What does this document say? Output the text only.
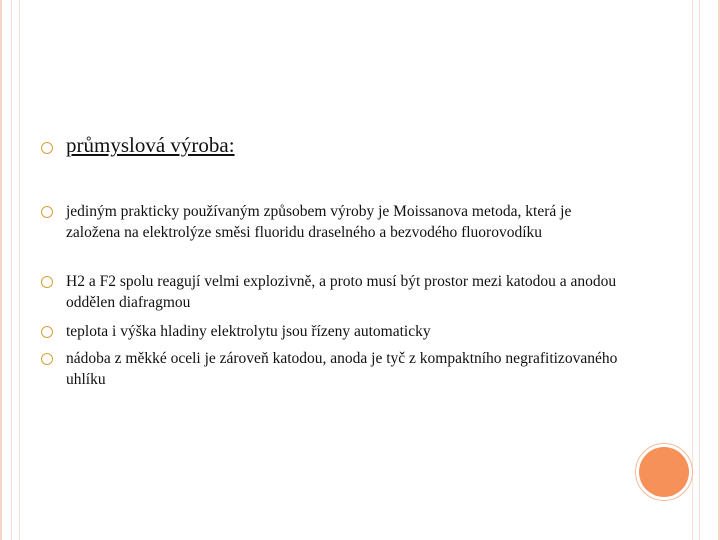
průmyslová výroba:
jediným prakticky používaným způsobem výroby je Moissanova metoda, která je založena na elektrolýze směsi fluoridu draselného a bezvodého fluorovodíku
H2 a F2 spolu reagují velmi explozivně, a proto musí být prostor mezi katodou a anodou oddělen diafragmou
teplota i výška hladiny elektrolytu jsou řízeny automaticky
nádoba z měkké oceli je zároveň katodou, anoda je tyč z kompaktního negrafitizovaného uhlíku
